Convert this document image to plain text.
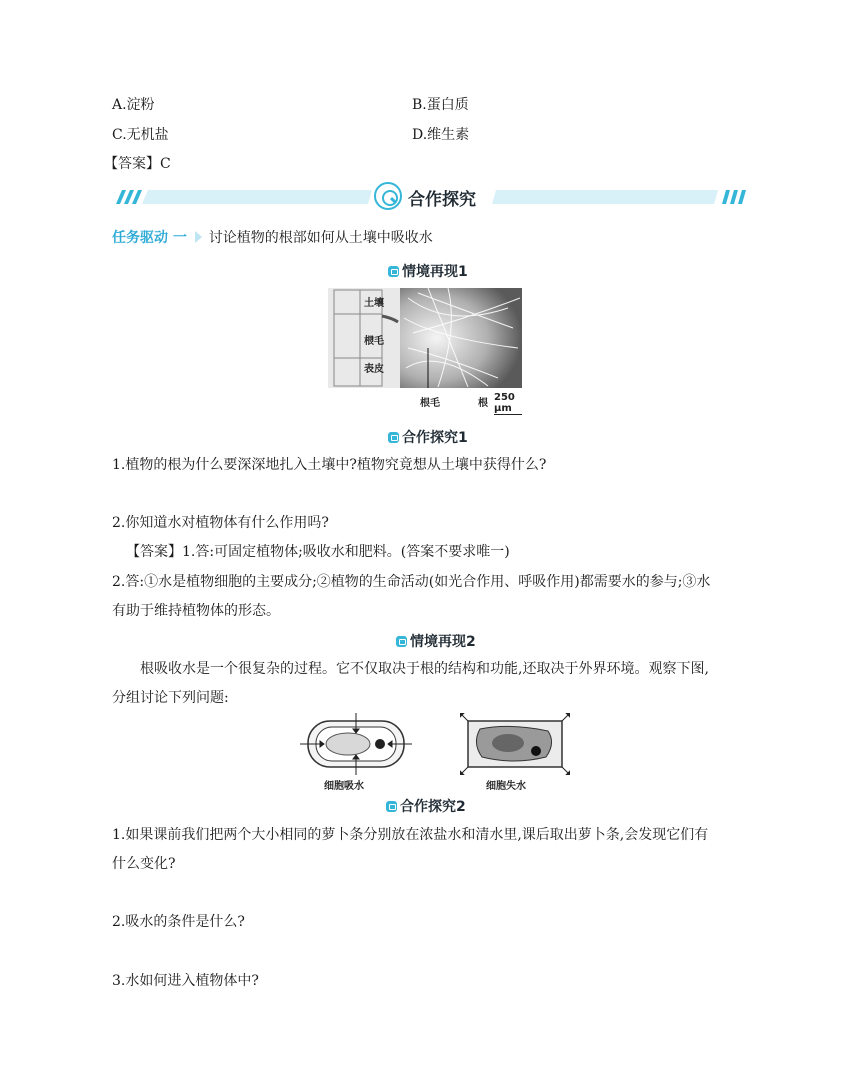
A.淀粉	B.蛋白质
C.无机盐	D.维生素
【答案】C
合作探究
任务驱动 一 讨论植物的根部如何从土壤中吸收水
情境再现1
土壤
根毛
表皮
根毛	根
250 μm
合作探究1
1.植物的根为什么要深深地扎入土壤中?植物究竟想从土壤中获得什么?
2.你知道水对植物体有什么作用吗?
【答案】1.答:可固定植物体;吸收水和肥料。(答案不要求唯一)
2.答:①水是植物细胞的主要成分;②植物的生命活动(如光合作用、呼吸作用)都需要水的参与;③水
有助于维持植物体的形态。
情境再现2
根吸收水是一个很复杂的过程。它不仅取决于根的结构和功能,还取决于外界环境。观察下图,
分组讨论下列问题:
细胞吸水	细胞失水
合作探究2
1.如果课前我们把两个大小相同的萝卜条分别放在浓盐水和清水里,课后取出萝卜条,会发现它们有
什么变化?
2.吸水的条件是什么?
3.水如何进入植物体中?
